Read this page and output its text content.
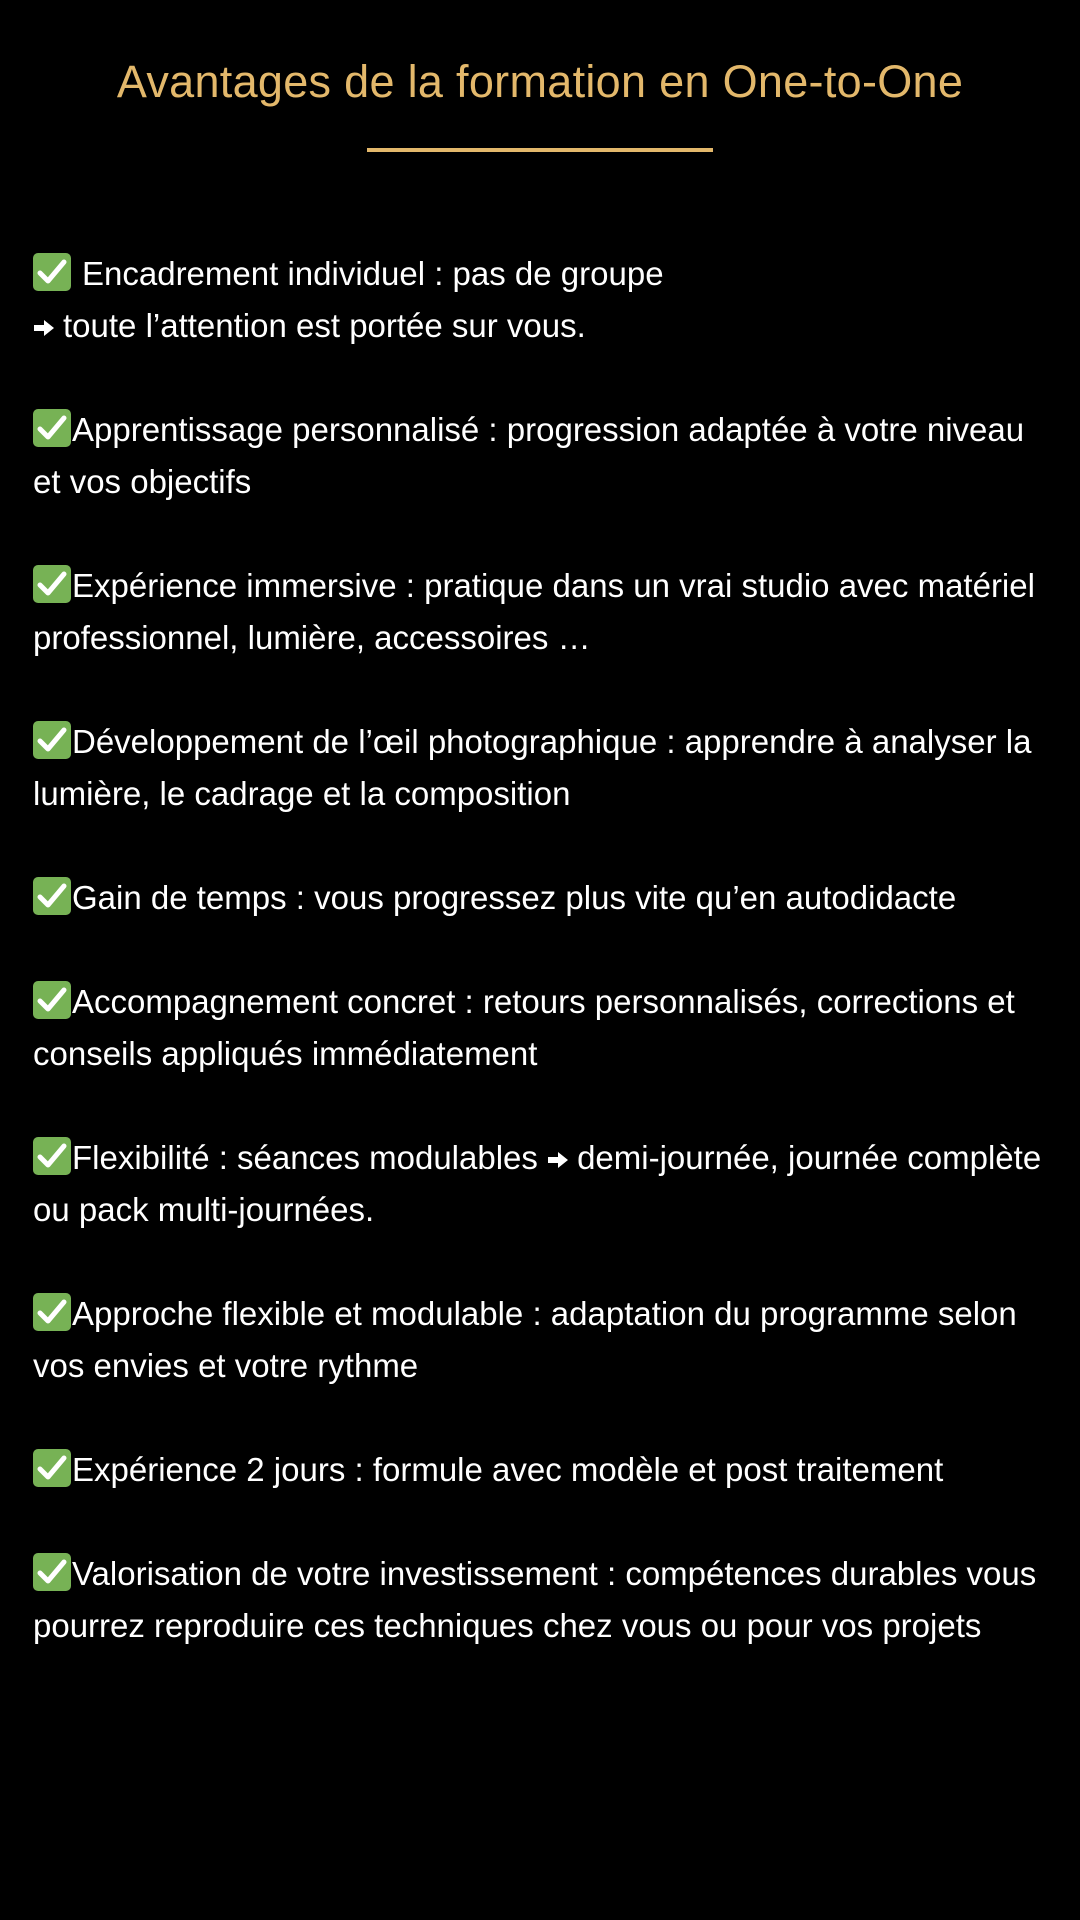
Avantages de la formation en One-to-One
Encadrement individuel : pas de groupe

toute l’attention est portée sur vous.
Apprentissage personnalisé : progression adaptée à votre niveau et vos objectifs
Expérience immersive : pratique dans un vrai studio avec matériel professionnel, lumière, accessoires …
Développement de l’œil photographique : apprendre à analyser la lumière, le cadrage et la composition
Gain de temps : vous progressez plus vite qu’en autodidacte
Accompagnement concret : retours personnalisés, corrections et conseils appliqués immédiatement
Flexibilité : séances modulables demi-journée, journée complète ou pack multi-journées.
Approche flexible et modulable : adaptation du programme selon vos envies et votre rythme
Expérience 2 jours : formule avec modèle et post traitement
Valorisation de votre investissement : compétences durables vous pourrez reproduire ces techniques chez vous ou pour vos projets
